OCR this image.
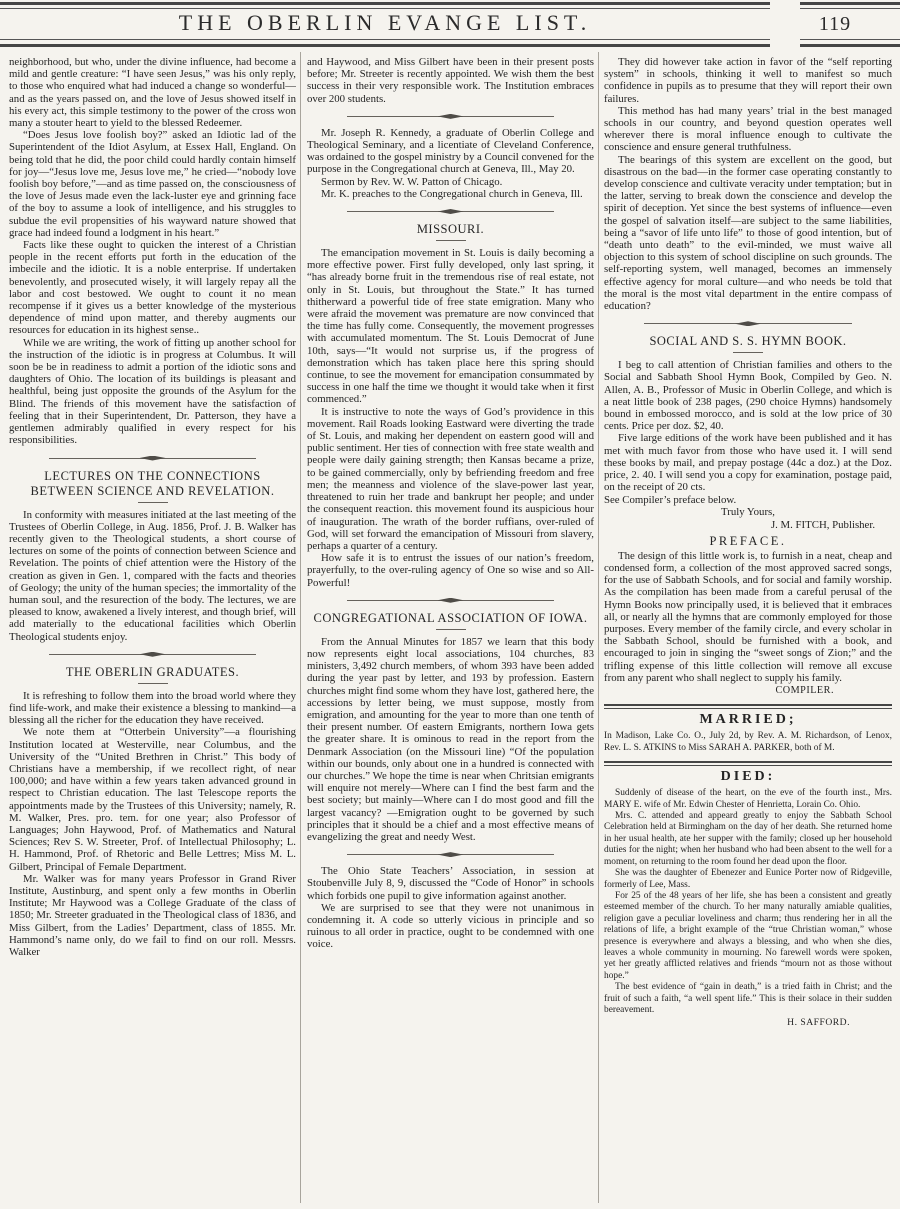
THE OBERLIN EVANGE LIST.	119

neighborhood, but who, under the divine influence, had become a mild and gentle creature: “I have seen Jesus,” was his only reply, to those who enquired what had induced a change so wonderful—and as the years passed on, and the love of Jesus showed itself in his every act, this simple testimony to the power of the cross won many a stouter heart to yield to the blessed Redeemer.

“Does Jesus love foolish boy?” asked an Idiotic lad of the Superintendent of the Idiot Asylum, at Essex Hall, England. On being told that he did, the poor child could hardly contain himself for joy—“Jesus love me, Jesus love me,” he cried—“nobody love foolish boy before,”—and as time passed on, the consciousness of the love of Jesus made even the lack-luster eye and grinning face of the boy to assume a look of intelligence, and his struggles to subdue the evil propensities of his wayward nature showed that grace had indeed found a lodgment in his heart.”

Facts like these ought to quicken the interest of a Christian people in the recent efforts put forth in the education of the imbecile and the idiotic. It is a noble enterprise. If undertaken benevolently, and prosecuted wisely, it will largely repay all the labor and cost bestowed. We ought to count it no mean recompense if it gives us a better knowledge of the mysterious dependence of mind upon matter, and thereby augments our resources for education in its highest sense..

While we are writing, the work of fitting up another school for the instruction of the idiotic is in progress at Columbus. It will soon be be in readiness to admit a portion of the idiotic sons and daughters of Ohio. The location of its buildings is pleasant and healthful, being just opposite the grounds of the Asylum for the Blind. The friends of this movement have the satisfaction of feeling that in their Superintendent, Dr. Patterson, they have a gentlemen admirably qualified in every respect for his responsibilities.

LECTURES ON THE CONNECTIONS BETWEEN SCIENCE AND REVELATION.

In conformity with measures initiated at the last meeting of the Trustees of Oberlin College, in Aug. 1856, Prof. J. B. Walker has recently given to the Theological students, a short course of lectures on some of the points of connection between Science and Revelation. The points of chief attention were the History of the creation as given in Gen. 1, compared with the facts and theories of Geology; the unity of the human species; the immortality of the human soul, and the resurection of the body. The lectures, we are pleased to know, awakened a lively interest, and though brief, will add materially to the educational facilities which Oberlin Theological students enjoy.

THE OBERLIN GRADUATES.

It is refreshing to follow them into the broad world where they find life-work, and make their existence a blessing to mankind—a blessing all the richer for the education they have received.

We note them at “Otterbein University”—a flourishing Institution located at Westerville, near Columbus, and the University of the “United Brethren in Christ.” This body of Christians have a membership, if we recollect right, of near 100,000; and have within a few years taken advanced ground in respect to Christian education. The last Telescope reports the appointments made by the Trustees of this University; namely, R. M. Walker, Pres. pro. tem. for one year; also Professor of Languages; John Haywood, Prof. of Mathematics and Natural Sciences; Rev S. W. Streeter, Prof. of Intellectual Philosophy; L. H. Hammond, Prof. of Rhetoric and Belle Lettres; Miss M. L. Gilbert, Principal of Female Department.

Mr. Walker was for many years Professor in Grand River Institute, Austinburg, and spent only a few months in Oberlin Institute; Mr Haywood was a College Graduate of the class of 1850; Mr. Streeter graduated in the Theological class of 1836, and Miss Gilbert, from the Ladies’ Department, class of 1855. Mr. Hammond’s name only, do we fail to find on our roll. Messrs. Walker

and Haywood, and Miss Gilbert have been in their present posts before; Mr. Streeter is recently appointed. We wish them the best success in their very responsible work. The Institution embraces over 200 students.

Mr. Joseph R. Kennedy, a graduate of Oberlin College and Theological Seminary, and a licentiate of Cleveland Conference, was ordained to the gospel ministry by a Council convened for the purpose in the Congregational church at Geneva, Ill., May 20.

Sermon by Rev. W. W. Patton of Chicago.

Mr. K. preaches to the Congregational church in Geneva, Ill.

MISSOURI.

The emancipation movement in St. Louis is daily becoming a more effective power. First fully developed, only last spring, it “has already borne fruit in the tremendous rise of real estate, not only in St. Louis, but throughout the State.” It has turned thitherward a powerful tide of free state emigration. Many who were afraid the movement was premature are now convinced that the time has fully come. Consequently, the movement progresses with accumulated momentum. The St. Louis Democrat of June 10th, says—“It would not surprise us, if the progress of demonstration which has taken place here this spring should continue, to see the movement for emancipation consummated by success in one half the time we thought it would take when it first commenced.”

It is instructive to note the ways of God’s providence in this movement. Rail Roads looking Eastward were diverting the trade of St. Louis, and making her dependent on eastern good will and public sentiment. Her ties of connection with free state wealth and people were daily gaining strength; then Kansas became a prize, to be gained commercially, only by befriending freedom and free men; the meanness and violence of the slave-power last year, threatened to ruin her trade and bankrupt her people; and under the consequent reaction. this movement found its auspicious hour of inauguration. The wrath of the border ruffians, over-ruled of God, will set forward the emancipation of Missouri from slavery, perhaps a quarter of a century.

How safe it is to entrust the issues of our nation’s freedom, prayerfully, to the over-ruling agency of One so wise and so All-Powerful!

CONGREGATIONAL ASSOCIATION OF IOWA.

From the Annual Minutes for 1857 we learn that this body now represents eight local associations, 104 churches, 83 ministers, 3,492 church members, of whom 393 have been added during the year past by letter, and 193 by profession. Eastern churches might find some whom they have lost, gathered here, the accessions by letter being, we must suppose, mostly from emigration, and amounting for the year to more than one tenth of their present number. Of eastern Emigrants, northern Iowa gets the greater share. It is ominous to read in the report from the Denmark Association (on the Missouri line) “Of the population within our bounds, only about one in a hundred is connected with our churches.” We hope the time is near when Chritsian emigrants will enquire not merely—Where can I find the best farm and the best society; but mainly—Where can I do most good and fill the largest vacancy? —Emigration ought to be governed by such principles that it should be a chief and a most effective means of evangelizing the great and needy West.

The Ohio State Teachers’ Association, in session at Stoubenville July 8, 9, discussed the “Code of Honor” in schools which forbids one pupil to give information against another.

We are surprised to see that they were not unanimous in condemning it. A code so utterly vicious in principle and so ruinous to all order in practice, ought to be condemned with one voice.

They did however take action in favor of the “self reporting system” in schools, thinking it well to manifest so much confidence in pupils as to presume that they will report their own failures.

This method has had many years’ trial in the best managed schools in our country, and beyond question operates well wherever there is moral influence enough to cultivate the conscience and ensure general truthfulness.

The bearings of this system are excellent on the good, but disastrous on the bad—in the former case operating constantly to develop conscience and cultivate veracity under temptation; but in the latter, serving to break down the conscience and develop the spirit of deception. Yet since the best systems of influence—even the gospel of salvation itself—are subject to the same liabilities, being a “savor of life unto life” to those of good intention, but of “death unto death” to the evil-minded, we must waive all objection to this system of school discipline on such grounds. The self-reporting system, well managed, becomes an immensely effective agency for moral culture—and who needs be told that the moral is the most vital department in the entire compass of education?

SOCIAL AND S. S. HYMN BOOK.

I beg to call attention of Christian families and others to the Social and Sabbath Shool Hymn Book, Compiled by Geo. N. Allen, A. B., Professor of Music in Oberlin College, and which is a neat little book of 238 pages, (290 choice Hymns) handsomely bound in embossed morocco, and is sold at the low price of 30 cents. Price per doz. $2, 40.

Five large editions of the work have been published and it has met with much favor from those who have used it. I will send these books by mail, and prepay postage (44c a doz.) at the Doz. price, 2. 40. I will send you a copy for examination, postage paid, on the receipt of 20 cts.

See Compiler’s preface below.

Truly Yours,
J. M. FITCH, Publisher.
PREFACE.

The design of this little work is, to furnish in a neat, cheap and condensed form, a collection of the most approved sacred songs, for the use of Sabbath Schools, and for social and family worship. As the compilation has been made from a careful perusal of the Hymn Books now principally used, it is believed that it embraces all, or nearly all the hymns that are commonly employed for those purposes. Every member of the family circle, and every scholar in the Sabbath School, should be furnished with a book, and encouraged to join in singing the “sweet songs of Zion;” and the trifling expense of this little collection will remove all excuse from any parent who shall neglect to supply his family.

COMPILER.
MARRIED;

In Madison, Lake Co. O., July 2d, by Rev. A. M. Richardson, of Lenox, Rev. L. S. ATKINS to Miss SARAH A. PARKER, both of M.

DIED:

Suddenly of disease of the heart, on the eve of the fourth inst., Mrs. MARY E. wife of Mr. Edwin Chester of Henrietta, Lorain Co. Ohio.

Mrs. C. attended and appeard greatly to enjoy the Sabbath School Celebration held at Birmingham on the day of her death. She returned home in her usual health, ate her supper with the family; closed up her household duties for the night; when her husband who had been absent to the well for a moment, on returning to the room found her dead upon the floor.

She was the daughter of Ebenezer and Eunice Porter now of Ridgeville, formerly of Lee, Mass.

For 25 of the 48 years of her life, she has been a consistent and greatly esteemed member of the church. To her many naturally amiable qualities, religion gave a peculiar loveliness and charm; thus rendering her in all the relations of life, a bright example of the “true Christian woman,” whose presence is everywhere and always a blessing, and who when she dies, leaves a whole community in mourning. No farewell words were spoken, yet her greatly afflicted relatives and friends “mourn not as those without hope.”

The best evidence of “gain in death,” is a tried faith in Christ; and the fruit of such a faith, “a well spent life.” This is their solace in their sudden bereavement.

H. SAFFORD.
